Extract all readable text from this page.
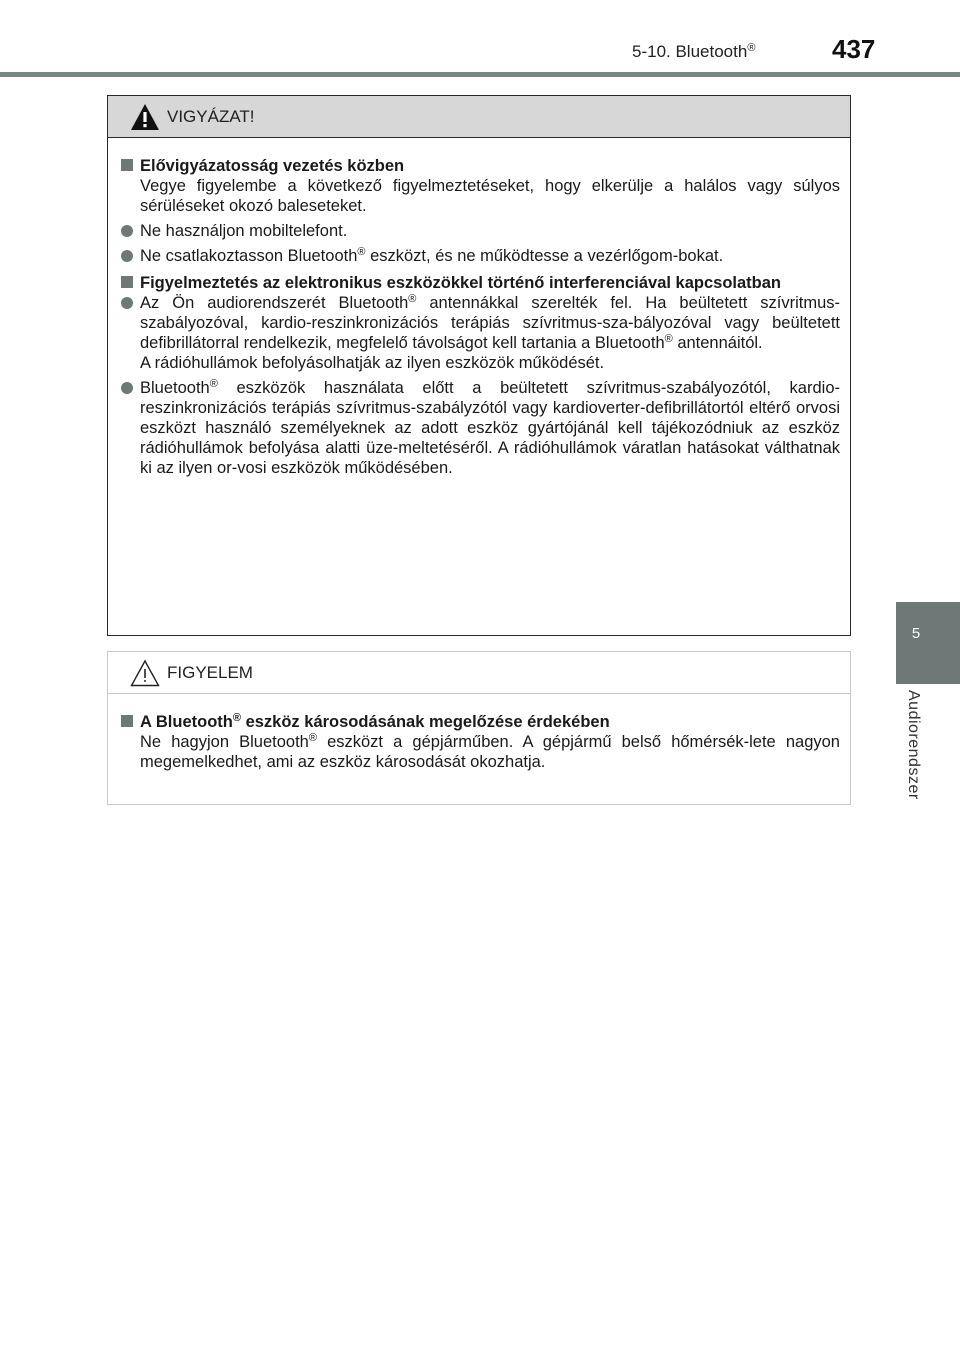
5-10. Bluetooth®	437
5
Audiorendszer
VIGYÁZAT!
Elővigyázatosság vezetés közben

Vegye figyelembe a következő figyelmeztetéseket, hogy elkerülje a halálos vagy súlyos sérüléseket okozó baleseteket.

Ne használjon mobiltelefont.

Ne csatlakoztasson Bluetooth® eszközt, és ne működtesse a vezérlőgom-bokat.

Figyelmeztetés az elektronikus eszközökkel történő interferenciával kapcsolatban

Az Ön audiorendszerét Bluetooth® antennákkal szerelték fel. Ha beültetett szívritmus-szabályozóval, kardio-reszinkronizációs terápiás szívritmus-sza-bályozóval vagy beültetett defibrillátorral rendelkezik, megfelelő távolságot kell tartania a Bluetooth® antennáitól.

A rádióhullámok befolyásolhatják az ilyen eszközök működését.

Bluetooth® eszközök használata előtt a beültetett szívritmus-szabályozótól, kardio-reszinkronizációs terápiás szívritmus-szabályzótól vagy kardioverter-defibrillátortól eltérő orvosi eszközt használó személyeknek az adott eszköz gyártójánál kell tájékozódniuk az eszköz rádióhullámok befolyása alatti üze-meltetéséről. A rádióhullámok váratlan hatásokat válthatnak ki az ilyen or-vosi eszközök működésében.

FIGYELEM
A Bluetooth® eszköz károsodásának megelőzése érdekében

Ne hagyjon Bluetooth® eszközt a gépjárműben. A gépjármű belső hőmérsék-lete nagyon megemelkedhet, ami az eszköz károsodását okozhatja.
